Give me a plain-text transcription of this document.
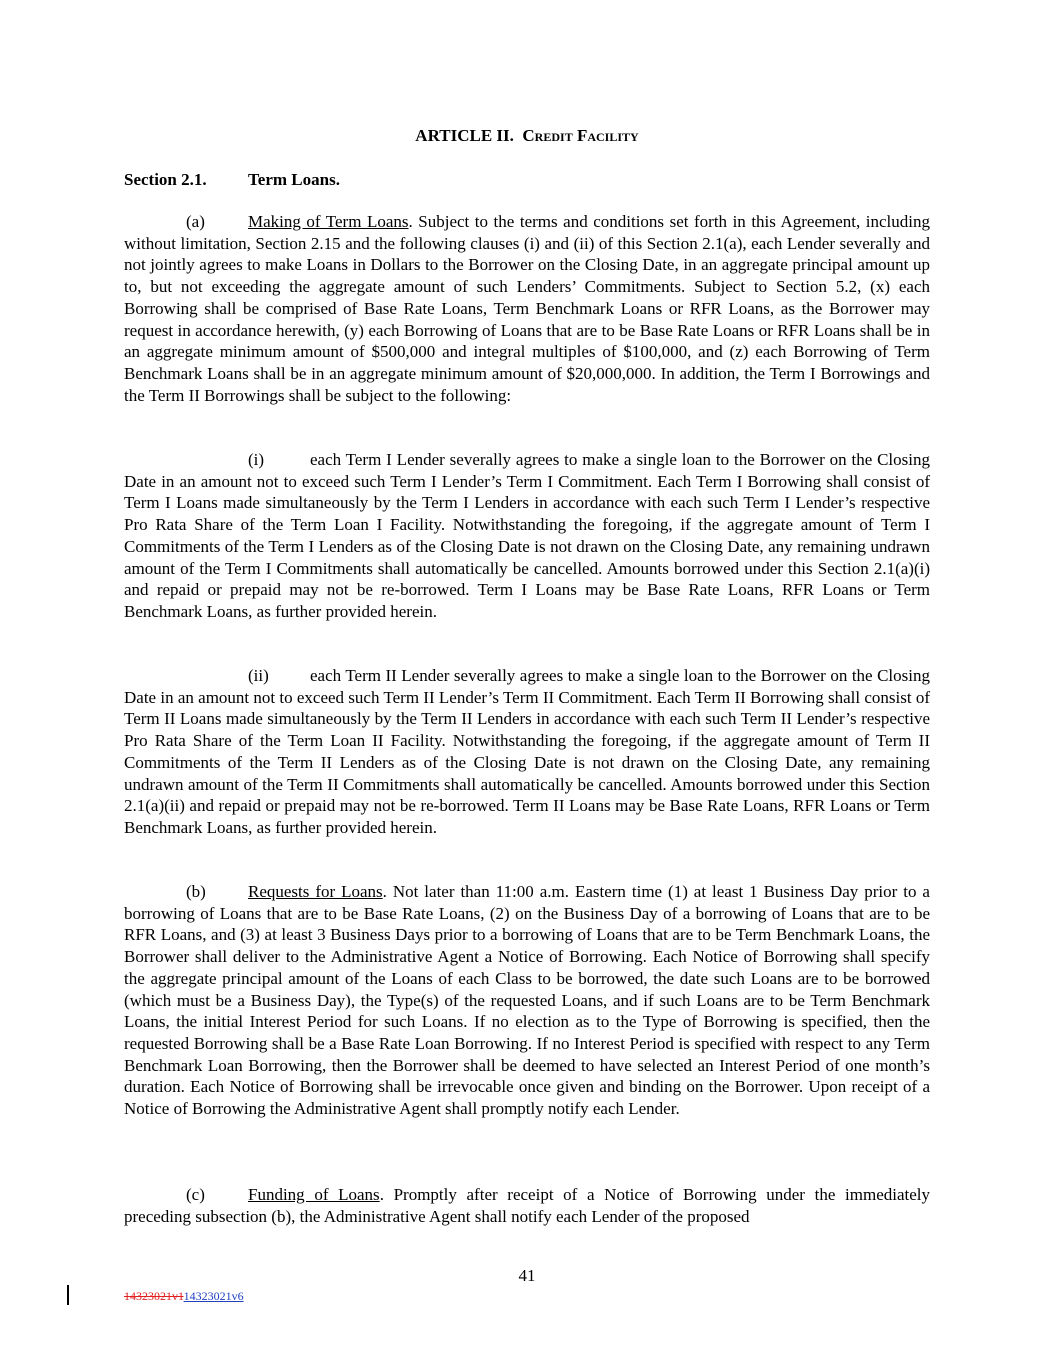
ARTICLE II. Credit Facility
Section 2.1. Term Loans.

(a)	Making of Term Loans. Subject to the terms and conditions set forth in this Agreement, including without limitation, Section 2.15 and the following clauses (i) and (ii) of this Section 2.1(a), each Lender severally and not jointly agrees to make Loans in Dollars to the Borrower on the Closing Date, in an aggregate principal amount up to, but not exceeding the aggregate amount of such Lenders’ Commitments. Subject to Section 5.2, (x) each Borrowing shall be comprised of Base Rate Loans, Term Benchmark Loans or RFR Loans, as the Borrower may request in accordance herewith, (y) each Borrowing of Loans that are to be Base Rate Loans or RFR Loans shall be in an aggregate minimum amount of $500,000 and integral multiples of $100,000, and (z) each Borrowing of Term Benchmark Loans shall be in an aggregate minimum amount of $20,000,000. In addition, the Term I Borrowings and the Term II Borrowings shall be subject to the following:

(i)	each Term I Lender severally agrees to make a single loan to the Borrower on the Closing Date in an amount not to exceed such Term I Lender’s Term I Commitment. Each Term I Borrowing shall consist of Term I Loans made simultaneously by the Term I Lenders in accordance with each such Term I Lender’s respective Pro Rata Share of the Term Loan I Facility. Notwithstanding the foregoing, if the aggregate amount of Term I Commitments of the Term I Lenders as of the Closing Date is not drawn on the Closing Date, any remaining undrawn amount of the Term I Commitments shall automatically be cancelled. Amounts borrowed under this Section 2.1(a)(i) and repaid or prepaid may not be re-borrowed. Term I Loans may be Base Rate Loans, RFR Loans or Term Benchmark Loans, as further provided herein.

(ii) each Term II Lender severally agrees to make a single loan to the Borrower on the Closing Date in an amount not to exceed such Term II Lender’s Term II Commitment. Each Term II Borrowing shall consist of Term II Loans made simultaneously by the Term II Lenders in accordance with each such Term II Lender’s respective Pro Rata Share of the Term Loan II Facility. Notwithstanding the foregoing, if the aggregate amount of Term II Commitments of the Term II Lenders as of the Closing Date is not drawn on the Closing Date, any remaining undrawn amount of the Term II Commitments shall automatically be cancelled. Amounts borrowed under this Section 2.1(a)(ii) and repaid or prepaid may not be re-borrowed. Term II Loans may be Base Rate Loans, RFR Loans or Term Benchmark Loans, as further provided herein.

(b) Requests for Loans. Not later than 11:00 a.m. Eastern time (1) at least 1 Business Day prior to a borrowing of Loans that are to be Base Rate Loans, (2) on the Business Day of a borrowing of Loans that are to be RFR Loans, and (3) at least 3 Business Days prior to a borrowing of Loans that are to be Term Benchmark Loans, the Borrower shall deliver to the Administrative Agent a Notice of Borrowing. Each Notice of Borrowing shall specify the aggregate principal amount of the Loans of each Class to be borrowed, the date such Loans are to be borrowed (which must be a Business Day), the Type(s) of the requested Loans, and if such Loans are to be Term Benchmark Loans, the initial Interest Period for such Loans. If no election as to the Type of Borrowing is specified, then the requested Borrowing shall be a Base Rate Loan Borrowing. If no Interest Period is specified with respect to any Term Benchmark Loan Borrowing, then the Borrower shall be deemed to have selected an Interest Period of one month’s duration. Each Notice of Borrowing shall be irrevocable once given and binding on the Borrower. Upon receipt of a Notice of Borrowing the Administrative Agent shall promptly notify each Lender.

(c)	Funding of Loans. Promptly after receipt of a Notice of Borrowing under the immediately preceding subsection (b), the Administrative Agent shall notify each Lender of the proposed

41
14323021v114323021v6
